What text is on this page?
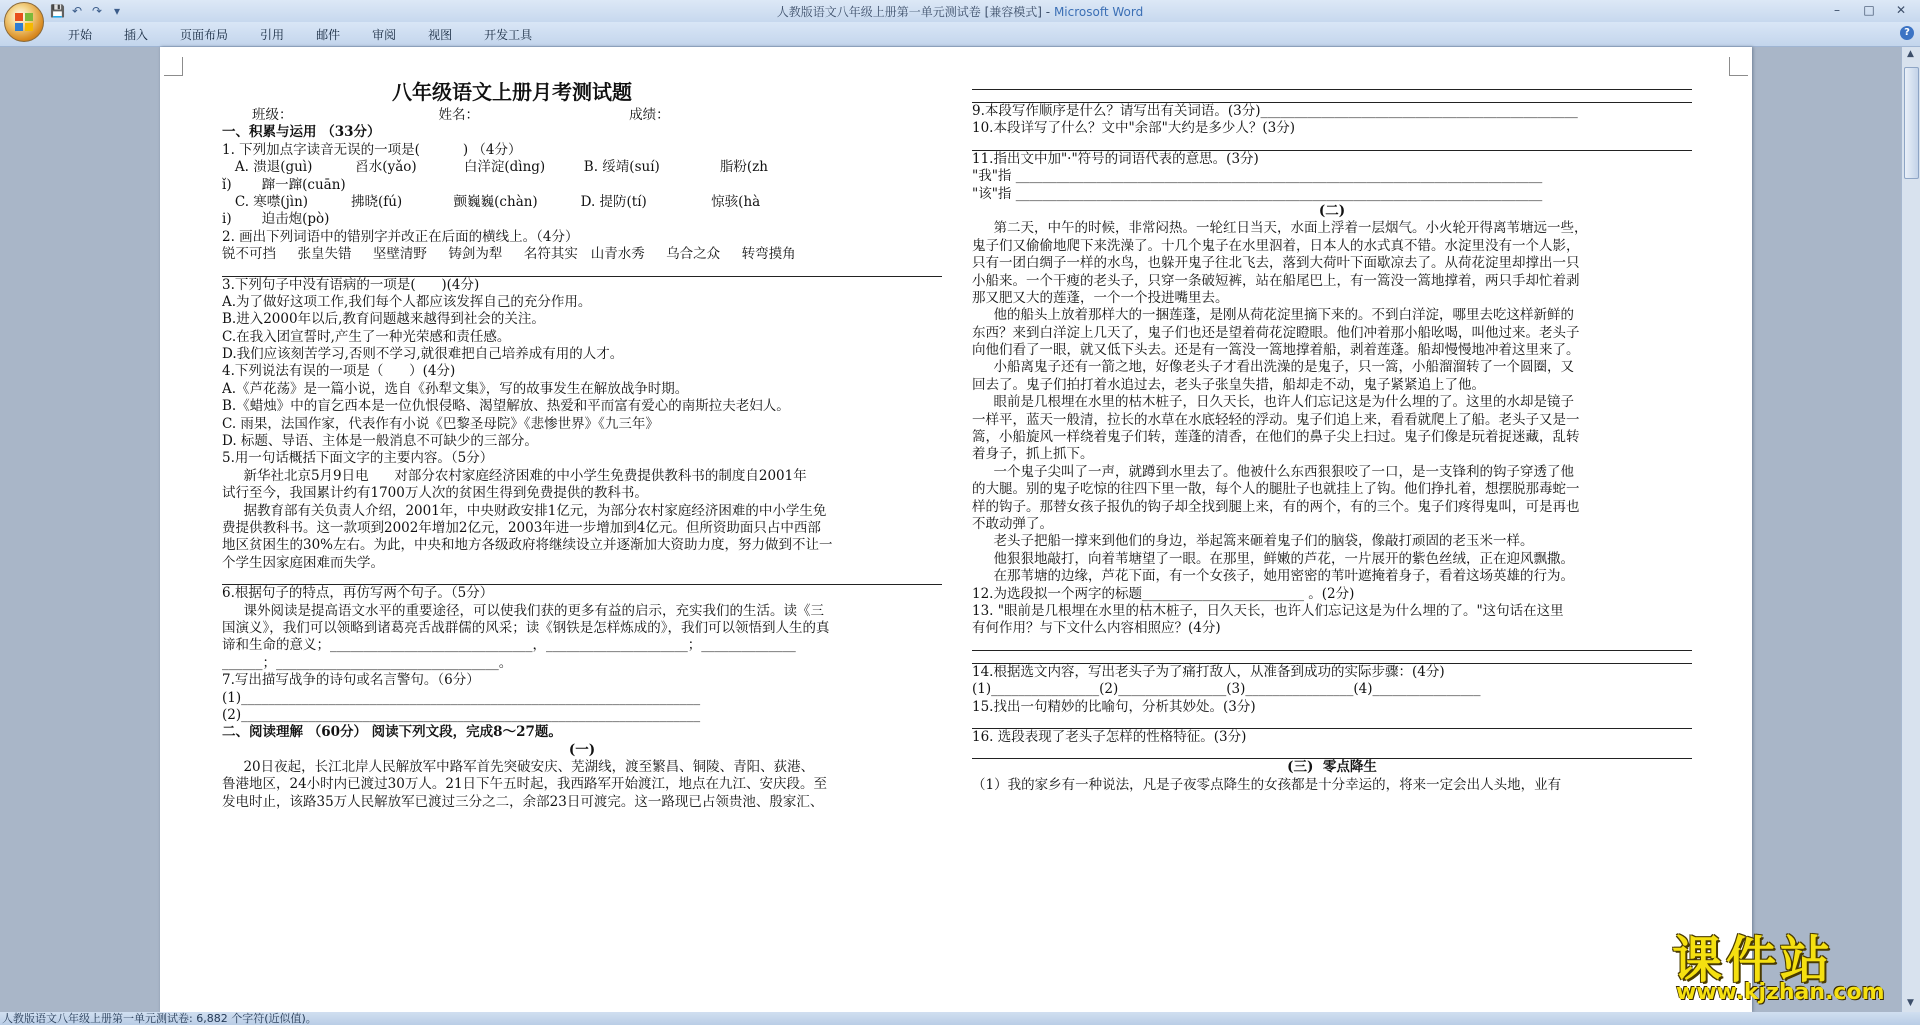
💾 ↶ ↷ ▾	人教版语文八年级上册第一单元测试卷 [兼容模式] - Microsoft Word	–	□	✕
开始	插入	页面布局	引用	邮件	审阅	视图	开发工具	?
八年级语文上册月考测试题
班级：                                  姓名：                                   成绩：
一、积累与运用 （33分）
1. 下列加点字读音无误的一项是(          ) （4分）
A. 溃退(guì)          舀水(yǎo)           白洋淀(dìng)         B. 绥靖(suí)              脂粉(zh
ǐ)       蹿一蹿(cuān)
C. 寒噤(jìn)          拂晓(fú)            颤巍巍(chàn)          D. 提防(tí)               惊骇(hà
i)       迫击炮(pò)
2. 画出下列词语中的错别字并改正在后面的横线上。（4分）
锐不可挡     张皇失错     坚壁清野     铸剑为犁     名符其实   山青水秀     乌合之众     转弯摸角
3.下列句子中没有语病的一项是(      )(4分)
A.为了做好这项工作,我们每个人都应该发挥自己的充分作用。
B.进入2000年以后,教育问题越来越得到社会的关注。
C.在我入团宣誓时,产生了一种光荣感和责任感。
D.我们应该刻苦学习,否则不学习,就很难把自己培养成有用的人才。
4.下列说法有误的一项是（      ）(4分)
A.《芦花荡》是一篇小说，选自《孙犁文集》，写的故事发生在解放战争时期。
B.《蜡烛》中的盲乞西本是一位仇恨侵略、渴望解放、热爱和平而富有爱心的南斯拉夫老妇人。
C. 雨果，法国作家，代表作有小说《巴黎圣母院》《悲惨世界》《九三年》
D. 标题、导语、主体是一般消息不可缺少的三部分。
5.用一句话概括下面文字的主要内容。（5分）
新华社北京5月9日电      对部分农村家庭经济困难的中小学生免费提供教科书的制度自2001年
试行至今，我国累计约有1700万人次的贫困生得到免费提供的教科书。
据教育部有关负责人介绍，2001年，中央财政安排1亿元，为部分农村家庭经济困难的中小学生免
费提供教科书。这一款项到2002年增加2亿元，2003年进一步增加到4亿元。但所资助面只占中西部
地区贫困生的30%左右。为此，中央和地方各级政府将继续设立并逐渐加大资助力度，努力做到不让一
个学生因家庭困难而失学。
6.根据句子的特点，再仿写两个句子。（5分）
课外阅读是提高语文水平的重要途径，可以使我们获的更多有益的启示，充实我们的生活。读《三
国演义》，我们可以领略到诸葛亮舌战群儒的风采；读《钢铁是怎样炼成的》，我们可以领悟到人生的真
谛和生命的意义；______________________________，_____________________；______________
______；_________________________________。
7.写出描写战争的诗句或名言警句。（6分）
(1)____________________________________________________________________
(2)____________________________________________________________________
二、阅读理解 （60分） 阅读下列文段，完成8～27题。
(一)
20日夜起，长江北岸人民解放军中路军首先突破安庆、芜湖线，渡至繁昌、铜陵、青阳、荻港、
鲁港地区，24小时内已渡过30万人。21日下午五时起，我西路军开始渡江，地点在九江、安庆段。至
发电时止，该路35万人民解放军已渡过三分之二，余部23日可渡完。这一路现已占领贵池、殷家汇、
9.本段写作顺序是什么？请写出有关词语。(3分)_______________________________________________
10.本段详写了什么？文中"余部"大约是多少人？(3分)
11.指出文中加"·"符号的词语代表的意思。(3分)
"我"指 ______________________________________________________________________________
"该"指 ______________________________________________________________________________
(二)
第二天，中午的时候，非常闷热。一轮红日当天，水面上浮着一层烟气。小火轮开得离苇塘远一些，
鬼子们又偷偷地爬下来洗澡了。十几个鬼子在水里泅着，日本人的水式真不错。水淀里没有一个人影，
只有一团白绸子一样的水鸟，也躲开鬼子往北飞去，落到大荷叶下面歇凉去了。从荷花淀里却撑出一只
小船来。一个干瘦的老头子，只穿一条破短裤，站在船尾巴上，有一篙没一篙地撑着，两只手却忙着剥
那又肥又大的莲蓬，一个一个投进嘴里去。
他的船头上放着那样大的一捆莲蓬，是刚从荷花淀里摘下来的。不到白洋淀，哪里去吃这样新鲜的
东西？来到白洋淀上几天了，鬼子们也还是望着荷花淀瞪眼。他们冲着那小船吆喝，叫他过来。老头子
向他们看了一眼，就又低下头去。还是有一篙没一篙地撑着船，剥着莲蓬。船却慢慢地冲着这里来了。
小船离鬼子还有一箭之地，好像老头子才看出洗澡的是鬼子，只一篙，小船溜溜转了一个圆圈，又
回去了。鬼子们拍打着水追过去，老头子张皇失措，船却走不动，鬼子紧紧追上了他。
眼前是几根埋在水里的枯木桩子，日久天长，也许人们忘记这是为什么埋的了。这里的水却是镜子
一样平，蓝天一般清，拉长的水草在水底轻轻的浮动。鬼子们追上来，看看就爬上了船。老头子又是一
篙，小船旋风一样绕着鬼子们转，莲蓬的清香，在他们的鼻子尖上扫过。鬼子们像是玩着捉迷藏，乱转
着身子，抓上抓下。
一个鬼子尖叫了一声，就蹲到水里去了。他被什么东西狠狠咬了一口，是一支锋利的钩子穿透了他
的大腿。别的鬼子吃惊的往四下里一散，每个人的腿肚子也就挂上了钩。他们挣扎着，想摆脱那毒蛇一
样的钩子。那替女孩子报仇的钩子却全找到腿上来，有的两个，有的三个。鬼子们疼得鬼叫，可是再也
不敢动弹了。
老头子把船一撑来到他们的身边，举起篙来砸着鬼子们的脑袋，像敲打顽固的老玉米一样。
他狠狠地敲打，向着苇塘望了一眼。在那里，鲜嫩的芦花，一片展开的紫色丝绒，正在迎风飘撒。
在那苇塘的边缘，芦花下面，有一个女孩子，她用密密的苇叶遮掩着身子，看着这场英雄的行为。
12.为选段拟一个两字的标题________________________ 。(2分)
13. "眼前是几根埋在水里的枯木桩子，日久天长，也许人们忘记这是为什么埋的了。"这句话在这里
有何作用？与下文什么内容相照应？(4分)
14.根据选文内容，写出老头子为了痛打敌人，从准备到成功的实际步骤：(4分)
(1)________________(2)________________(3)________________(4)________________
15.找出一句精妙的比喻句，分析其妙处。(3分)
16. 选段表现了老头子怎样的性格特征。(3分)
(三)  零点降生
（1）我的家乡有一种说法，凡是子夜零点降生的女孩都是十分幸运的，将来一定会出人头地，业有
▲
▼
人教版语文八年级上册第一单元测试卷: 6,882 个字符(近似值)。
课件站
www.kjzhan.com
